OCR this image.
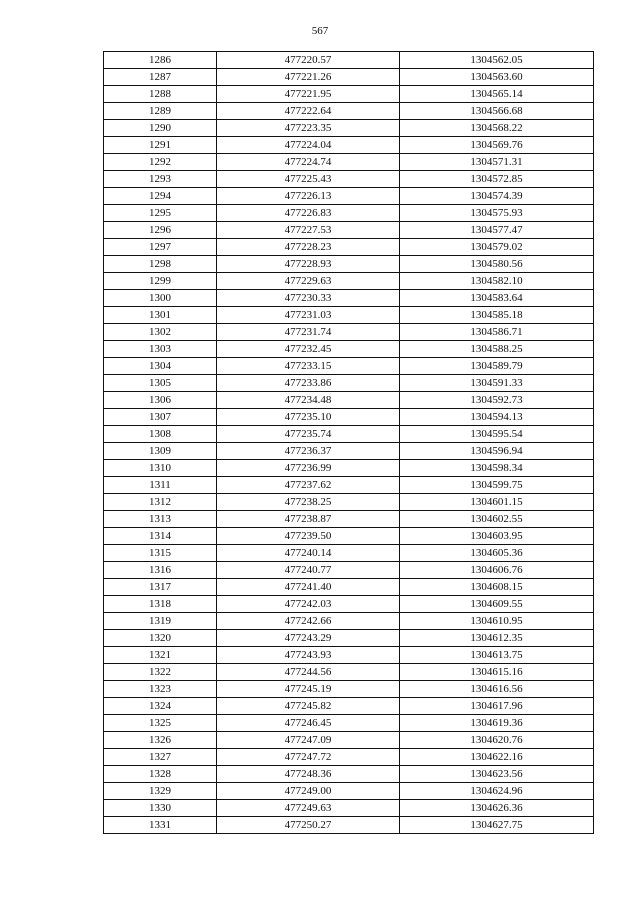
567
1286	477220.57	1304562.05
1287	477221.26	1304563.60
1288	477221.95	1304565.14
1289	477222.64	1304566.68
1290	477223.35	1304568.22
1291	477224.04	1304569.76
1292	477224.74	1304571.31
1293	477225.43	1304572.85
1294	477226.13	1304574.39
1295	477226.83	1304575.93
1296	477227.53	1304577.47
1297	477228.23	1304579.02
1298	477228.93	1304580.56
1299	477229.63	1304582.10
1300	477230.33	1304583.64
1301	477231.03	1304585.18
1302	477231.74	1304586.71
1303	477232.45	1304588.25
1304	477233.15	1304589.79
1305	477233.86	1304591.33
1306	477234.48	1304592.73
1307	477235.10	1304594.13
1308	477235.74	1304595.54
1309	477236.37	1304596.94
1310	477236.99	1304598.34
1311	477237.62	1304599.75
1312	477238.25	1304601.15
1313	477238.87	1304602.55
1314	477239.50	1304603.95
1315	477240.14	1304605.36
1316	477240.77	1304606.76
1317	477241.40	1304608.15
1318	477242.03	1304609.55
1319	477242.66	1304610.95
1320	477243.29	1304612.35
1321	477243.93	1304613.75
1322	477244.56	1304615.16
1323	477245.19	1304616.56
1324	477245.82	1304617.96
1325	477246.45	1304619.36
1326	477247.09	1304620.76
1327	477247.72	1304622.16
1328	477248.36	1304623.56
1329	477249.00	1304624.96
1330	477249.63	1304626.36
1331	477250.27	1304627.75
